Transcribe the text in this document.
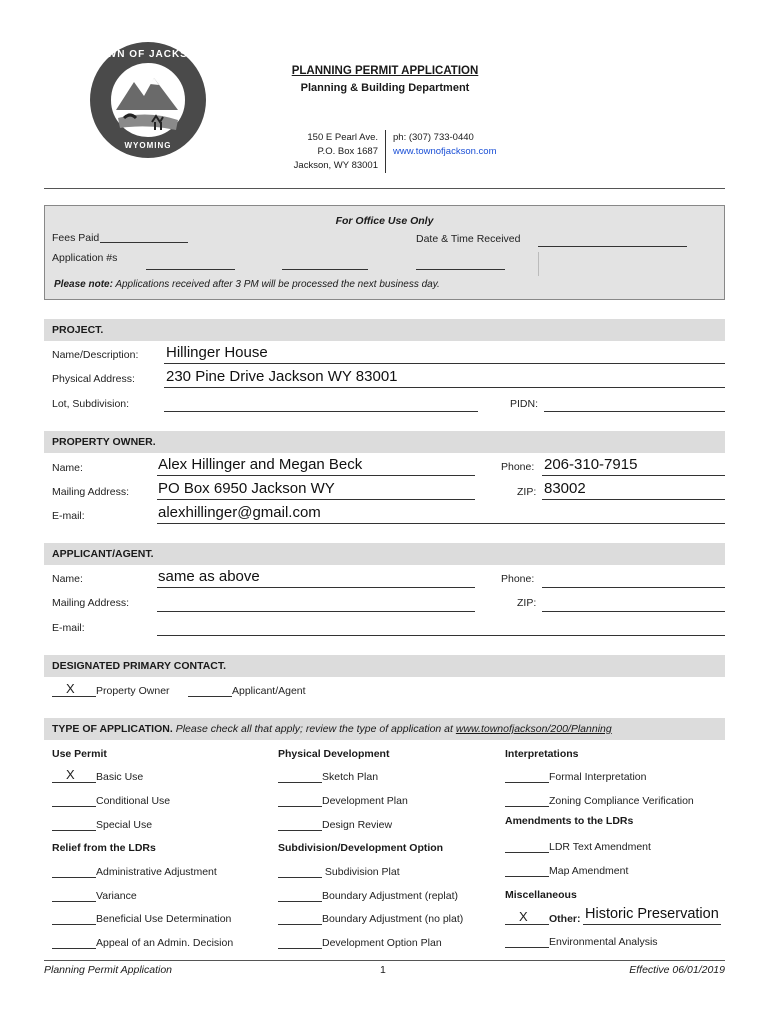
TOWN OF JACKSON
WYOMING
PLANNING PERMIT APPLICATION
Planning & Building Department
150 E Pearl Ave.
P.O. Box 1687
Jackson, WY 83001
ph: (307) 733-0440
www.townofjackson.com
For Office Use Only
Fees Paid	Date & Time Received
Application #s
Please note: Applications received after 3 PM will be processed the next business day.
PROJECT.
Name/Description: Hillinger House
Physical Address: 230 Pine Drive Jackson WY 83001
Lot, Subdivision:	PIDN:
PROPERTY OWNER.
Name:	Alex Hillinger and Megan Beck	Phone: 206-310-7915
Mailing Address: PO Box 6950 Jackson WY	ZIP: 83002
E-mail:	alexhillinger@gmail.com
APPLICANT/AGENT.
Name:	same as above	Phone:
Mailing Address:	ZIP:
E-mail:
DESIGNATED PRIMARY CONTACT.
X Property Owner	Applicant/Agent
TYPE OF APPLICATION. Please check all that apply; review the type of application at www.townofjackson/200/Planning
Use Permit
X Basic Use
Conditional Use
Special Use
Relief from the LDRs
Administrative Adjustment
Variance
Beneficial Use Determination
Appeal of an Admin. Decision
Physical Development
Sketch Plan
Development Plan
Design Review
Subdivision/Development Option
Subdivision Plat
Boundary Adjustment (replat)
Boundary Adjustment (no plat)
Development Option Plan
Interpretations
Formal Interpretation
Zoning Compliance Verification
Amendments to the LDRs
LDR Text Amendment
Map Amendment
Miscellaneous
X Other: Historic Preservation
Environmental Analysis
Planning Permit Application	1	Effective 06/01/2019
